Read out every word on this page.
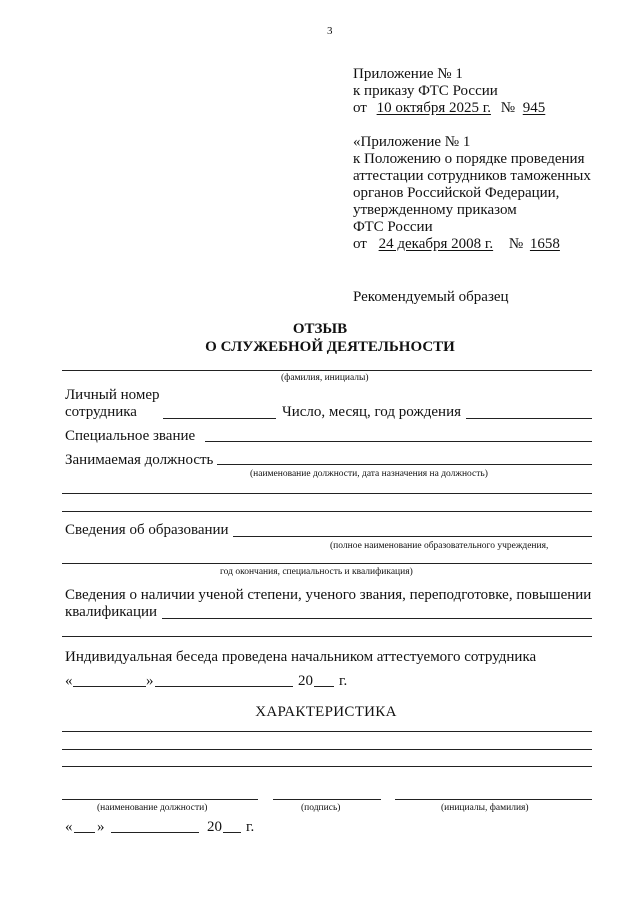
3
Приложение № 1
к приказу ФТС России
от 10 октября 2025 г. № 945
«Приложение № 1
к Положению о порядке проведения
аттестации сотрудников таможенных
органов Российской Федерации,
утвержденному приказом
ФТС России
от 24 декабря 2008 г. № 1658
Рекомендуемый образец
ОТЗЫВ
О СЛУЖЕБНОЙ ДЕЯТЕЛЬНОСТИ
(фамилия, инициалы)
Личный номер
сотрудника	Число, месяц, год рождения
Специальное звание
Занимаемая должность
(наименование должности, дата назначения на должность)
Сведения об образовании
(полное наименование образовательного учреждения,
год окончания, специальность и квалификация)
Сведения о наличии ученой степени, ученого звания, переподготовке, повышении
квалификации
Индивидуальная беседа проведена начальником аттестуемого сотрудника
«	»	20 г.
ХАРАКТЕРИСТИКА
(наименование должности)	(подпись)	(инициалы, фамилия)
« »	20 г.
